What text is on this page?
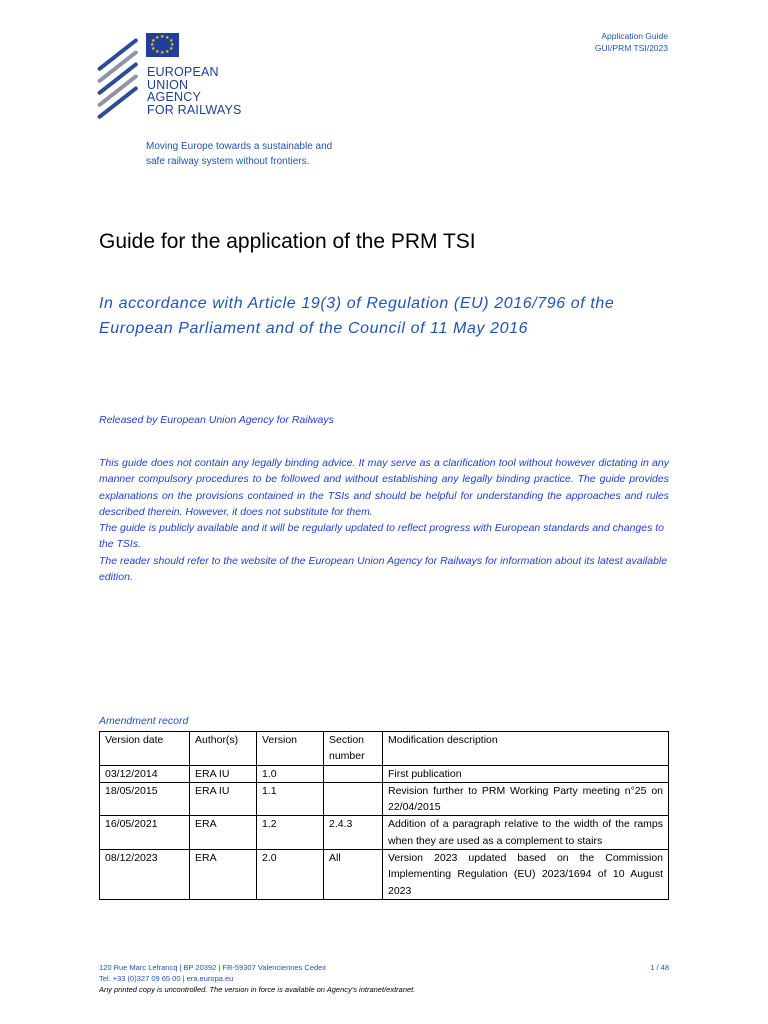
Application Guide
GUI/PRM TSI/2023
★ ★ ★
★
★
★
★
★
★
★
★ ★
EUROPEAN
UNION
AGENCY
FOR RAILWAYS
Moving Europe towards a sustainable and
safe railway system without frontiers.
Guide for the application of the PRM TSI
In accordance with Article 19(3) of Regulation (EU) 2016/796 of the
European Parliament and of the Council of 11 May 2016
Released by European Union Agency for Railways

This guide does not contain any legally binding advice. It may serve as a clarification tool without however dictating in any manner compulsory procedures to be followed and without establishing any legally binding practice. The guide provides explanations on the provisions contained in the TSIs and should be helpful for understanding the approaches and rules described therein. However, it does not substitute for them.

The guide is publicly available and it will be regularly updated to reflect progress with European standards and changes to the TSIs.

The reader should refer to the website of the European Union Agency for Railways for information about its latest available edition.

Amendment record
Version date	Author(s)	Version	Section number	Modification description
03/12/2014	ERA IU	1.0		First publication
18/05/2015	ERA IU	1.1		Revision further to PRM Working Party meeting n°25 on 22/04/2015
16/05/2021	ERA	1.2	2.4.3	Addition of a paragraph relative to the width of the ramps when they are used as a complement to stairs
08/12/2023	ERA	2.0	All	Version 2023 updated based on the Commission Implementing Regulation (EU) 2023/1694 of 10 August 2023
120 Rue Marc Lefrancq | BP 20392 | FR-59307 Valenciennes Cedex
Tel. +33 (0)327 09 65 00 | era.europa.eu
Any printed copy is uncontrolled. The version in force is available on Agency's intranet/extranet.
1 / 48
